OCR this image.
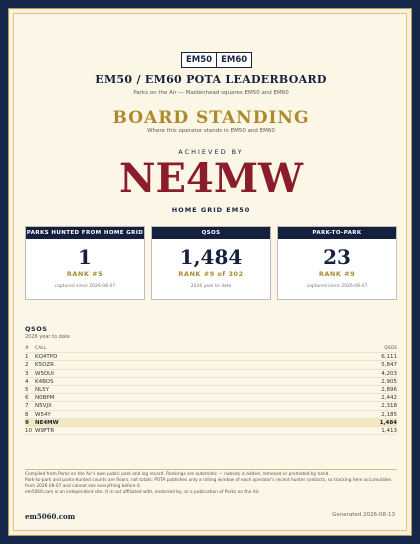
EM50	EM60
EM50 / EM60 POTA LEADERBOARD
Parks on the Air — Maidenhead squares EM50 and EM60
BOARD STANDING
Where this operator stands in EM50 and EM60
ACHIEVED BY
NE4MW
HOME GRID EM50
PARKS HUNTED FROM HOME GRID
1
RANK #5
captured since 2026-08-07
QSOS
1,484
RANK #9 of 302
2026 year to date
PARK-TO-PARK
23
RANK #9
captured since 2026-08-07
QSOS
2026 year to date
#	CALL	QSOS
1	KQ4TPD	6,111
2	K5DZR	5,847
3	W5DUI	4,203
4	K4BOS	2,905
5	NL5Y	2,896
6	N0BPM	2,442
7	N5VJX	2,318
8	W54Y	2,185
9	NE4MW	1,484
10 W9FTR	1,413
Compiled from Parks on the Air's own public park and log record. Rankings are automatic — nobody is added, removed or promoted by hand.
Park-to-park and parks-hunted counts are floors, not totals: POTA publishes only a rolling window of each operator's recent hunter contacts, so tracking here accumulates from 2026-08-07 and cannot see everything before it.
em5060.com is an independent site. It is not affiliated with, endorsed by, or a publication of Parks on the Air.
em5060.com	Generated 2026-08-13
